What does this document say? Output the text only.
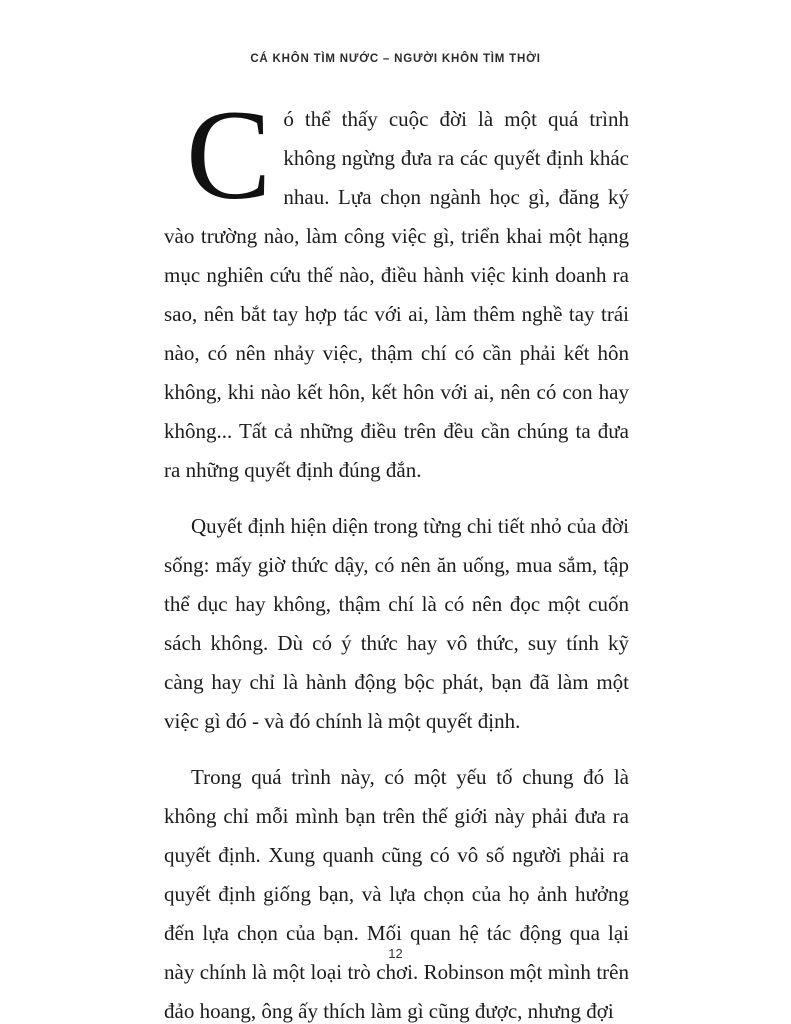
CÁ KHÔN TÌM NƯỚC – NGƯỜI KHÔN TÌM THỜI

Có thể thấy cuộc đời là một quá trình không ngừng đưa ra các quyết định khác nhau. Lựa chọn ngành học gì, đăng ký vào trường nào, làm công việc gì, triển khai một hạng mục nghiên cứu thế nào, điều hành việc kinh doanh ra sao, nên bắt tay hợp tác với ai, làm thêm nghề tay trái nào, có nên nhảy việc, thậm chí có cần phải kết hôn không, khi nào kết hôn, kết hôn với ai, nên có con hay không... Tất cả những điều trên đều cần chúng ta đưa ra những quyết định đúng đắn.

Quyết định hiện diện trong từng chi tiết nhỏ của đời sống: mấy giờ thức dậy, có nên ăn uống, mua sắm, tập thể dục hay không, thậm chí là có nên đọc một cuốn sách không. Dù có ý thức hay vô thức, suy tính kỹ càng hay chỉ là hành động bộc phát, bạn đã làm một việc gì đó - và đó chính là một quyết định.

Trong quá trình này, có một yếu tố chung đó là không chỉ mỗi mình bạn trên thế giới này phải đưa ra quyết định. Xung quanh cũng có vô số người phải ra quyết định giống bạn, và lựa chọn của họ ảnh hưởng đến lựa chọn của bạn. Mối quan hệ tác động qua lại này chính là một loại trò chơi. Robinson một mình trên đảo hoang, ông ấy thích làm gì cũng được, nhưng đợi

12
